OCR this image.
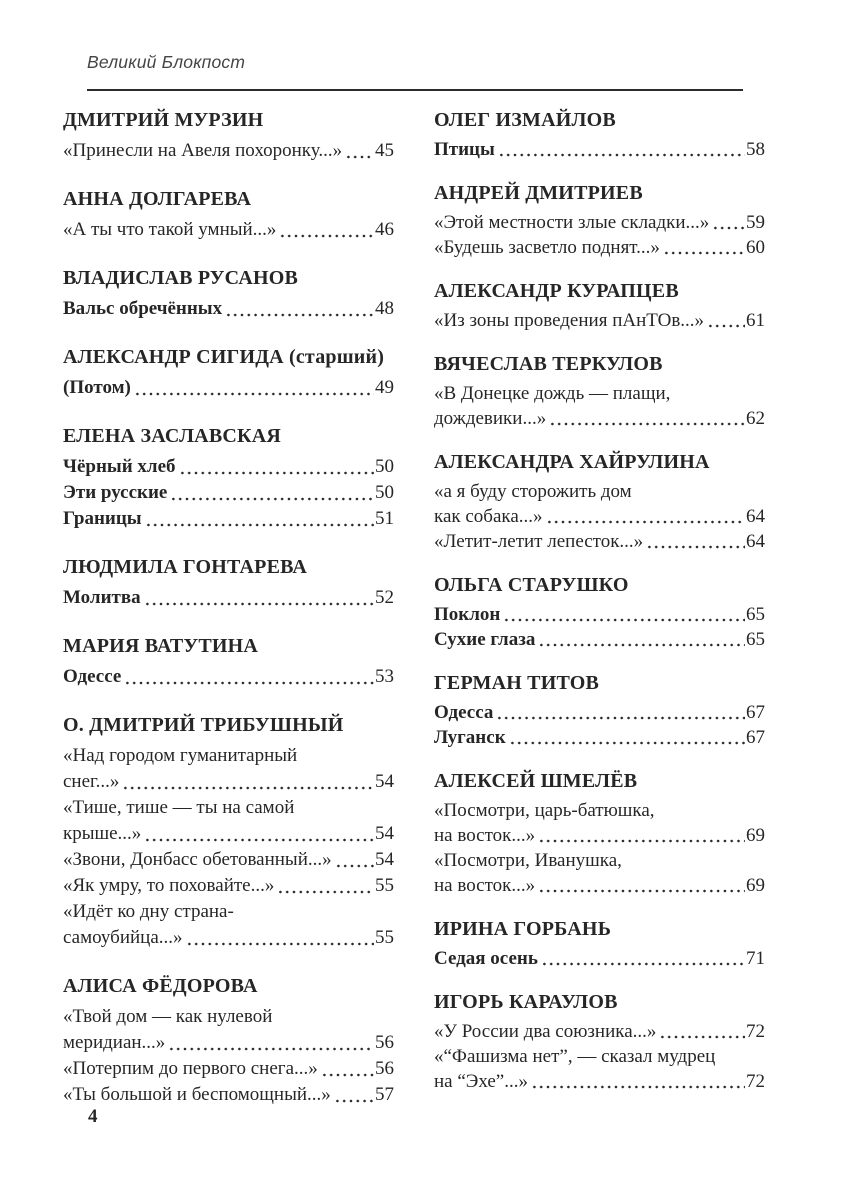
Великий Блокпост
ДМИТРИЙ МУРЗИН
«Принесли на Авеля похоронку...» 45
АННА ДОЛГАРЕВА
«А ты что такой умный...»	46
ВЛАДИСЛАВ РУСАНОВ
Вальс обречённых	48
АЛЕКСАНДР СИГИДА (старший)
(Потом)	49
ЕЛЕНА ЗАСЛАВСКАЯ
Чёрный хлеб	50
Эти русские	50
Границы	51
ЛЮДМИЛА ГОНТАРЕВА
Молитва	52
МАРИЯ ВАТУТИНА
Одессе	53
О. ДМИТРИЙ ТРИБУШНЫЙ
«Над городом гуманитарный
снег...»	54
«Тише, тише — ты на самой
крыше...»	54
«Звони, Донбасс обетованный...» 54
«Як умру, то поховайте...»	55
«Идёт ко дну страна-
самоубийца...»	55
АЛИСА ФЁДОРОВА
«Твой дом — как нулевой
меридиан...»	56
«Потерпим до первого снега...»	56
«Ты большой и беспомощный...» 57
ОЛЕГ ИЗМАЙЛОВ
Птицы	58
АНДРЕЙ ДМИТРИЕВ
«Этой местности злые складки...» 59
«Будешь засветло поднят...»	60
АЛЕКСАНДР КУРАПЦЕВ
«Из зоны проведения пАнТОв...» 61
ВЯЧЕСЛАВ ТЕРКУЛОВ
«В Донецке дождь — плащи,
дождевики...»	62
АЛЕКСАНДРА ХАЙРУЛИНА
«а я буду сторожить дом
как собака...»	64
«Летит-летит лепесток...»	64
ОЛЬГА СТАРУШКО
Поклон	65
Сухие глаза	65
ГЕРМАН ТИТОВ
Одесса	67
Луганск	67
АЛЕКСЕЙ ШМЕЛЁВ
«Посмотри, царь-батюшка,
на восток...»	69
«Посмотри, Иванушка,
на восток...»	69
ИРИНА ГОРБАНЬ
Седая осень	71
ИГОРЬ КАРАУЛОВ
«У России два союзника...»	72
«“Фашизма нет”, — сказал мудрец
на “Эхе”...»	72
4
